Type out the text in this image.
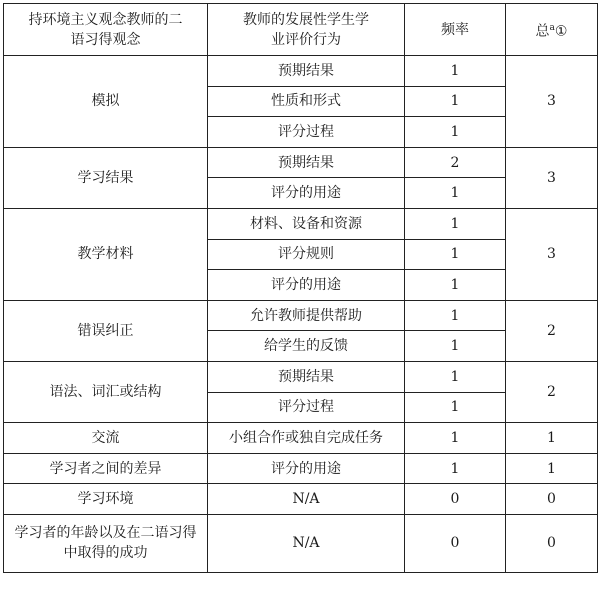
持环境主义观念教师的二语习得观念	教师的发展性学生学业评价行为	频率	总$^a$①
模拟	预期结果	1	3
	性质和形式	1	
	评分过程	1	
学习结果	预期结果	2	3
	评分的用途	1	
教学材料	材料、设备和资源	1	3
	评分规则	1	
	评分的用途	1	
错误纠正	允许教师提供帮助	1	2
	给学生的反馈	1	
语法、词汇或结构	预期结果	1	2
	评分过程	1	
交流	小组合作或独自完成任务	1	1
学习者之间的差异	评分的用途	1	1
学习环境	N/A	0	0
学习者的年龄以及在二语习得中取得的成功	N/A	0	0
